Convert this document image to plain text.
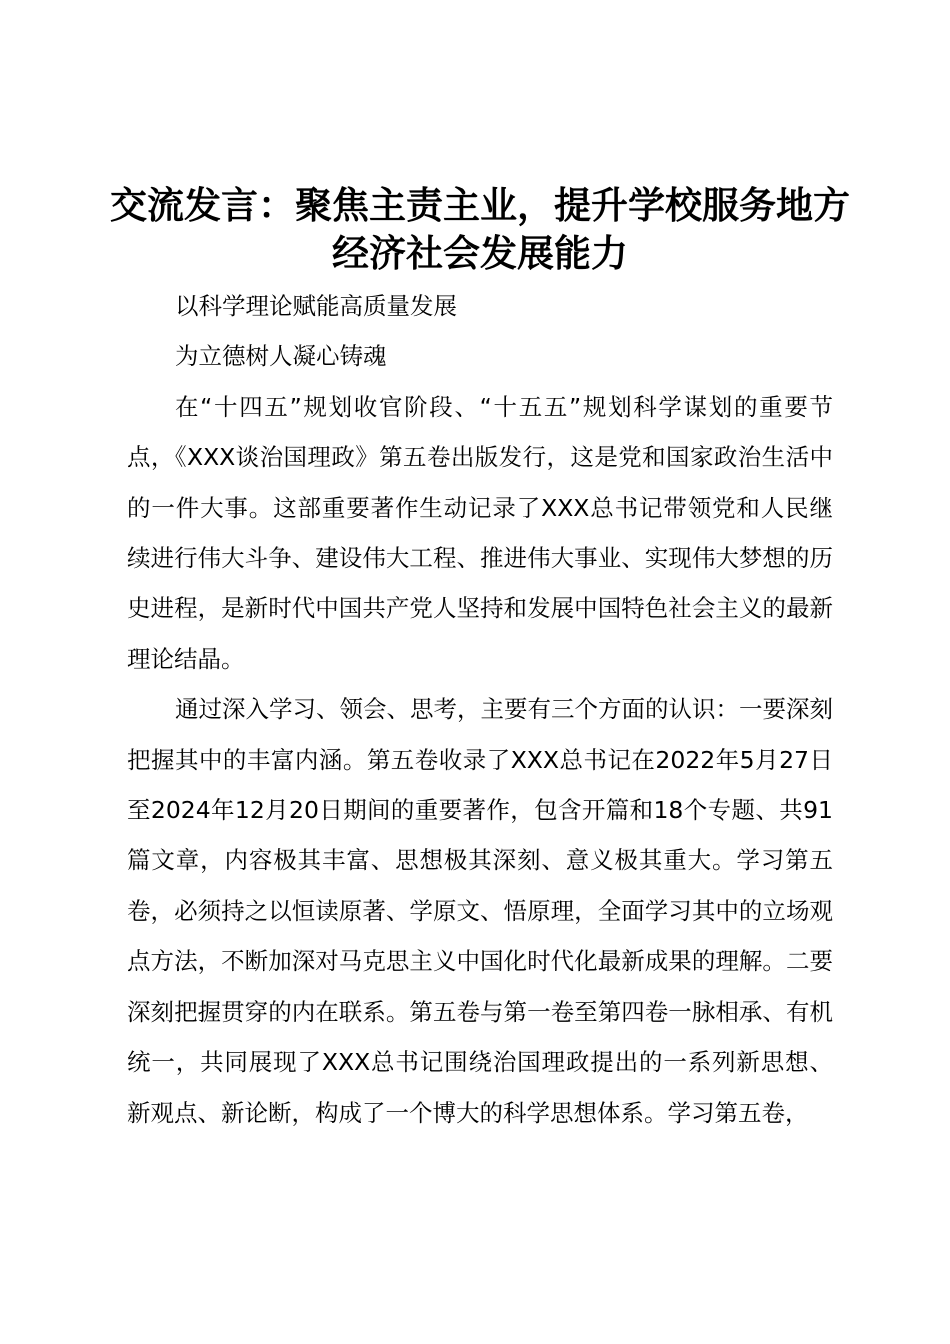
交流发言：聚焦主责主业，提升学校服务地方经济社会发展能力

以科学理论赋能高质量发展

为立德树人凝心铸魂

在“十四五”规划收官阶段、“十五五”规划科学谋划的重要节点，《XXX谈治国理政》第五卷出版发行，这是党和国家政治生活中的一件大事。这部重要著作生动记录了XXX总书记带领党和人民继续进行伟大斗争、建设伟大工程、推进伟大事业、实现伟大梦想的历史进程，是新时代中国共产党人坚持和发展中国特色社会主义的最新理论结晶。

通过深入学习、领会、思考，主要有三个方面的认识：一要深刻把握其中的丰富内涵。第五卷收录了XXX总书记在2022年5月27日至2024年12月20日期间的重要著作，包含开篇和18个专题、共91篇文章，内容极其丰富、思想极其深刻、意义极其重大。学习第五卷，必须持之以恒读原著、学原文、悟原理，全面学习其中的立场观点方法，不断加深对马克思主义中国化时代化最新成果的理解。二要深刻把握贯穿的内在联系。第五卷与第一卷至第四卷一脉相承、有机统一，共同展现了XXX总书记围绕治国理政提出的一系列新思想、新观点、新论断，构成了一个博大的科学思想体系。学习第五卷，
